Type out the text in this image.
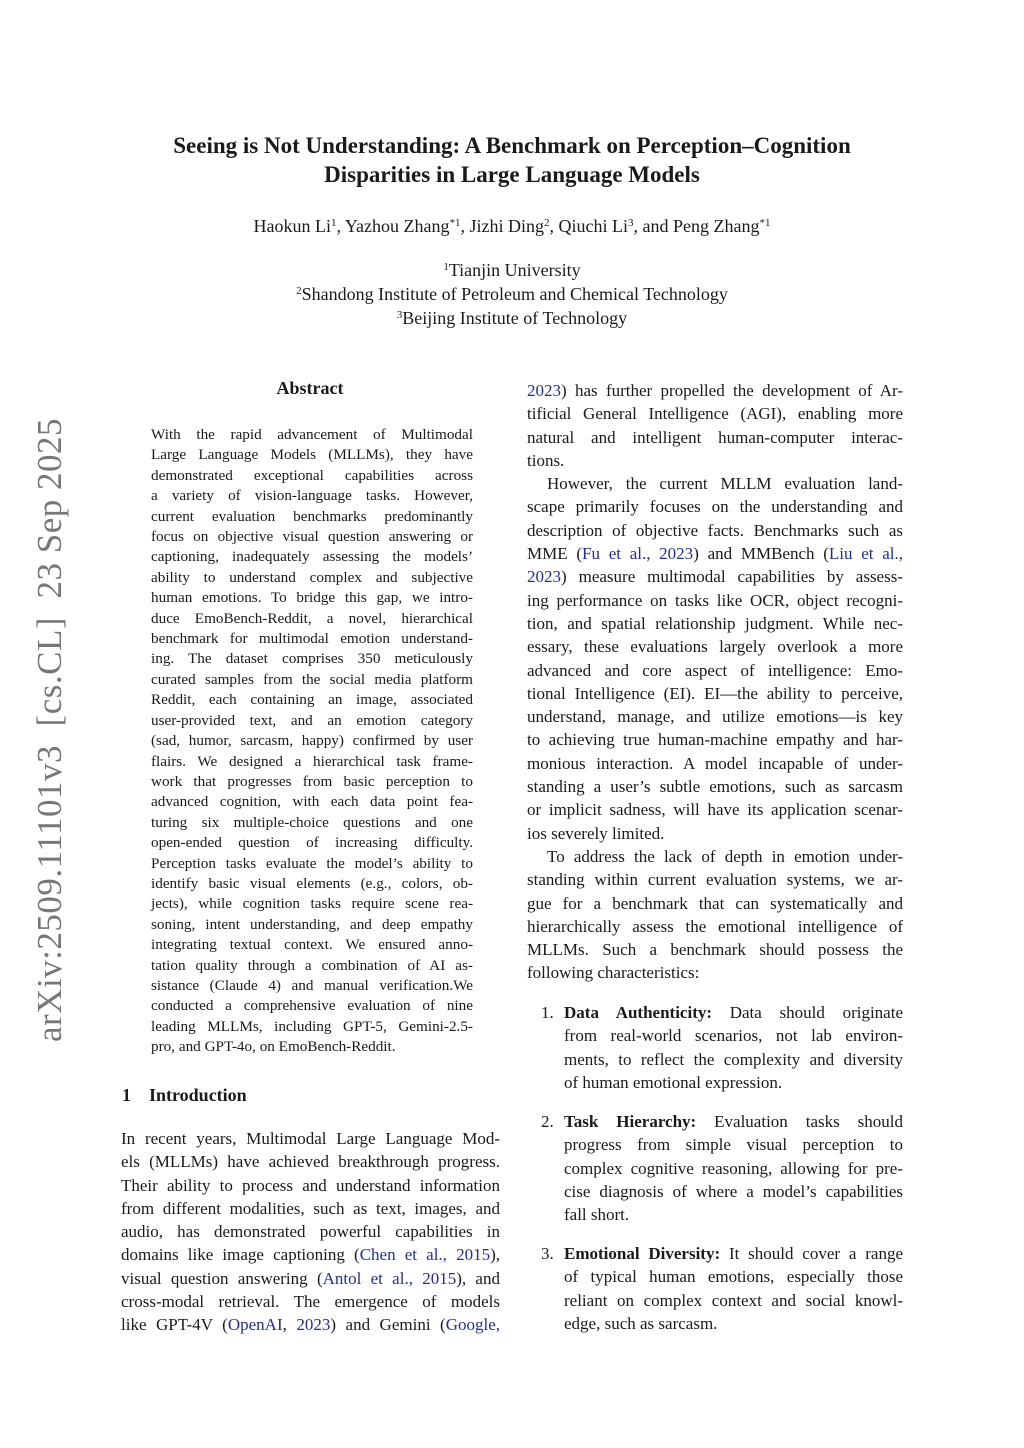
Seeing is Not Understanding: A Benchmark on Perception–Cognition
Disparities in Large Language Models
Haokun Li$^1$, Yazhou Zhang$^{*1}$, Jizhi Ding$^2$, Qiuchi Li$^3$, and Peng Zhang$^{*1}$
$^1$Tianjin University
$^2$Shandong Institute of Petroleum and Chemical Technology
$^3$Beijing Institute of Technology
arXiv:2509.11101v3  [cs.CL]  23 Sep 2025
Abstract
With the rapid advancement of Multimodal
Large Language Models (MLLMs), they have
demonstrated exceptional capabilities across
a variety of vision-language tasks. However,
current evaluation benchmarks predominantly
focus on objective visual question answering or
captioning, inadequately assessing the models’
ability to understand complex and subjective
human emotions. To bridge this gap, we intro-
duce EmoBench-Reddit, a novel, hierarchical
benchmark for multimodal emotion understand-
ing. The dataset comprises 350 meticulously
curated samples from the social media platform
Reddit, each containing an image, associated
user-provided text, and an emotion category
(sad, humor, sarcasm, happy) confirmed by user
flairs. We designed a hierarchical task frame-
work that progresses from basic perception to
advanced cognition, with each data point fea-
turing six multiple-choice questions and one
open-ended question of increasing difficulty.
Perception tasks evaluate the model’s ability to
identify basic visual elements (e.g., colors, ob-
jects), while cognition tasks require scene rea-
soning, intent understanding, and deep empathy
integrating textual context. We ensured anno-
tation quality through a combination of AI as-
sistance (Claude 4) and manual verification.We
conducted a comprehensive evaluation of nine
leading MLLMs, including GPT-5, Gemini-2.5-
pro, and GPT-4o, on EmoBench-Reddit.
1 Introduction
In recent years, Multimodal Large Language Mod-
els (MLLMs) have achieved breakthrough progress.
Their ability to process and understand information
from different modalities, such as text, images, and
audio, has demonstrated powerful capabilities in
domains like image captioning (Chen et al., 2015),
visual question answering (Antol et al., 2015), and
cross-modal retrieval. The emergence of models
like GPT-4V (OpenAI, 2023) and Gemini (Google,
2023) has further propelled the development of Ar-
tificial General Intelligence (AGI), enabling more
natural and intelligent human-computer interac-
tions.
However, the current MLLM evaluation land-
scape primarily focuses on the understanding and
description of objective facts. Benchmarks such as
MME (Fu et al., 2023) and MMBench (Liu et al.,
2023) measure multimodal capabilities by assess-
ing performance on tasks like OCR, object recogni-
tion, and spatial relationship judgment. While nec-
essary, these evaluations largely overlook a more
advanced and core aspect of intelligence: Emo-
tional Intelligence (EI). EI—the ability to perceive,
understand, manage, and utilize emotions—is key
to achieving true human-machine empathy and har-
monious interaction. A model incapable of under-
standing a user’s subtle emotions, such as sarcasm
or implicit sadness, will have its application scenar-
ios severely limited.
To address the lack of depth in emotion under-
standing within current evaluation systems, we ar-
gue for a benchmark that can systematically and
hierarchically assess the emotional intelligence of
MLLMs. Such a benchmark should possess the
following characteristics:
1. Data Authenticity: Data should originate
from real-world scenarios, not lab environ-
ments, to reflect the complexity and diversity
of human emotional expression.
2. Task Hierarchy: Evaluation tasks should
progress from simple visual perception to
complex cognitive reasoning, allowing for pre-
cise diagnosis of where a model’s capabilities
fall short.
3. Emotional Diversity: It should cover a range
of typical human emotions, especially those
reliant on complex context and social knowl-
edge, such as sarcasm.
